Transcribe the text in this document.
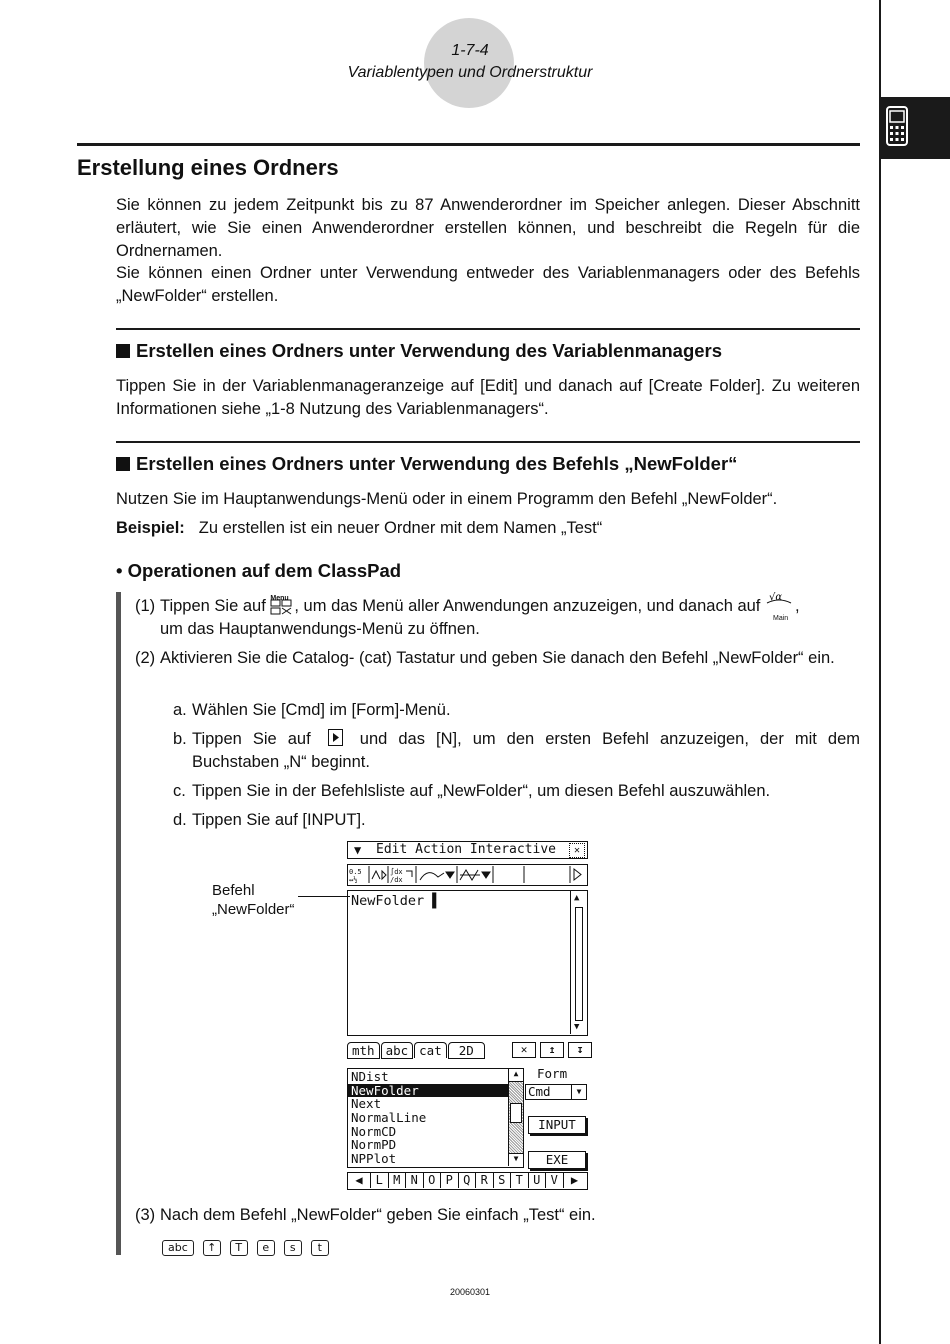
1-7-4
Variablentypen und Ordnerstruktur
Erstellung eines Ordners
Sie können zu jedem Zeitpunkt bis zu 87 Anwenderordner im Speicher anlegen. Dieser Abschnitt erläutert, wie Sie einen Anwenderordner erstellen können, und beschreibt die Regeln für die Ordnernamen.
Sie können einen Ordner unter Verwendung entweder des Variablenmanagers oder des Befehls „NewFolder“ erstellen.
Erstellen eines Ordners unter Verwendung des Variablenmanagers
Tippen Sie in der Variablenmanageranzeige auf [Edit] und danach auf [Create Folder]. Zu weiteren Informationen siehe „1-8 Nutzung des Variablenmanagers“.
Erstellen eines Ordners unter Verwendung des Befehls „NewFolder“
Nutzen Sie im Hauptanwendungs-Menü oder in einem Programm den Befehl „NewFolder“.
Beispiel: Zu erstellen ist ein neuer Ordner mit dem Namen „Test“
• Operationen auf dem ClassPad
(1) Tippen Sie auf Menu , um das Menü aller Anwendungen anzuzeigen, und danach auf √α
Main
,
um das Hauptanwendungs-Menü zu öffnen.
(2) Aktivieren Sie die Catalog- (cat) Tastatur und geben Sie danach den Befehl „NewFolder“ ein.
a. Wählen Sie [Cmd] im [Form]-Menü.
b. Tippen Sie auf	und das [N], um den ersten Befehl anzuzeigen, der mit dem Buchstaben „N“ beginnt.
c. Tippen Sie in der Befehlsliste auf „NewFolder“, um diesen Befehl auszuwählen.
d. Tippen Sie auf [INPUT].
Befehl
„NewFolder“
▼ Edit Action Interactive	✕
0.5
↔½
∫dx
/dx
NewFolder ▌	▲
▼
mth abc cat 2D	✕	↥	↧
NDist
NewFolder
Next
NormalLine
NormCD
NormPD
NPPlot
▲
▼
Form
Cmd	▼
INPUT
EXE
◀ L M N O P Q R S T U V ▶
(3) Nach dem Befehl „NewFolder“ geben Sie einfach „Test“ ein.
abc ↑ T e s t
20060301
